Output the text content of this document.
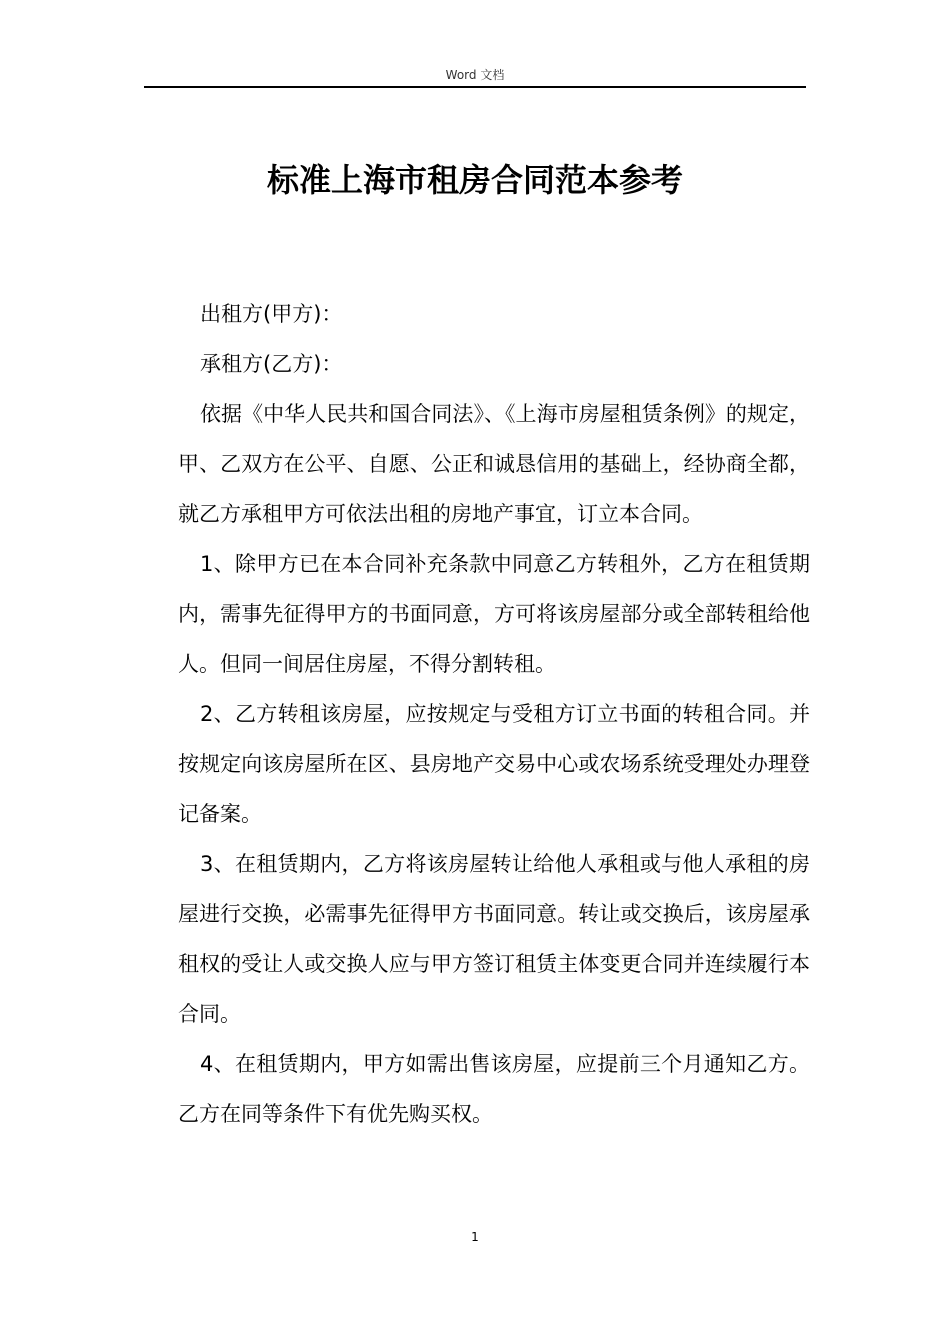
Word 文档
标准上海市租房合同范本参考

出租方(甲方)：

承租方(乙方)：

依据《中华人民共和国合同法》、《上海市房屋租赁条例》的规定，甲、乙双方在公平、自愿、公正和诚恳信用的基础上，经协商全都，就乙方承租甲方可依法出租的房地产事宜，订立本合同。

1、除甲方已在本合同补充条款中同意乙方转租外，乙方在租赁期内，需事先征得甲方的书面同意，方可将该房屋部分或全部转租给他人。但同一间居住房屋，不得分割转租。

2、乙方转租该房屋，应按规定与受租方订立书面的转租合同。并按规定向该房屋所在区、县房地产交易中心或农场系统受理处办理登记备案。

3、在租赁期内，乙方将该房屋转让给他人承租或与他人承租的房屋进行交换，必需事先征得甲方书面同意。转让或交换后，该房屋承租权的受让人或交换人应与甲方签订租赁主体变更合同并连续履行本合同。

4、在租赁期内，甲方如需出售该房屋，应提前三个月通知乙方。乙方在同等条件下有优先购买权。

1
